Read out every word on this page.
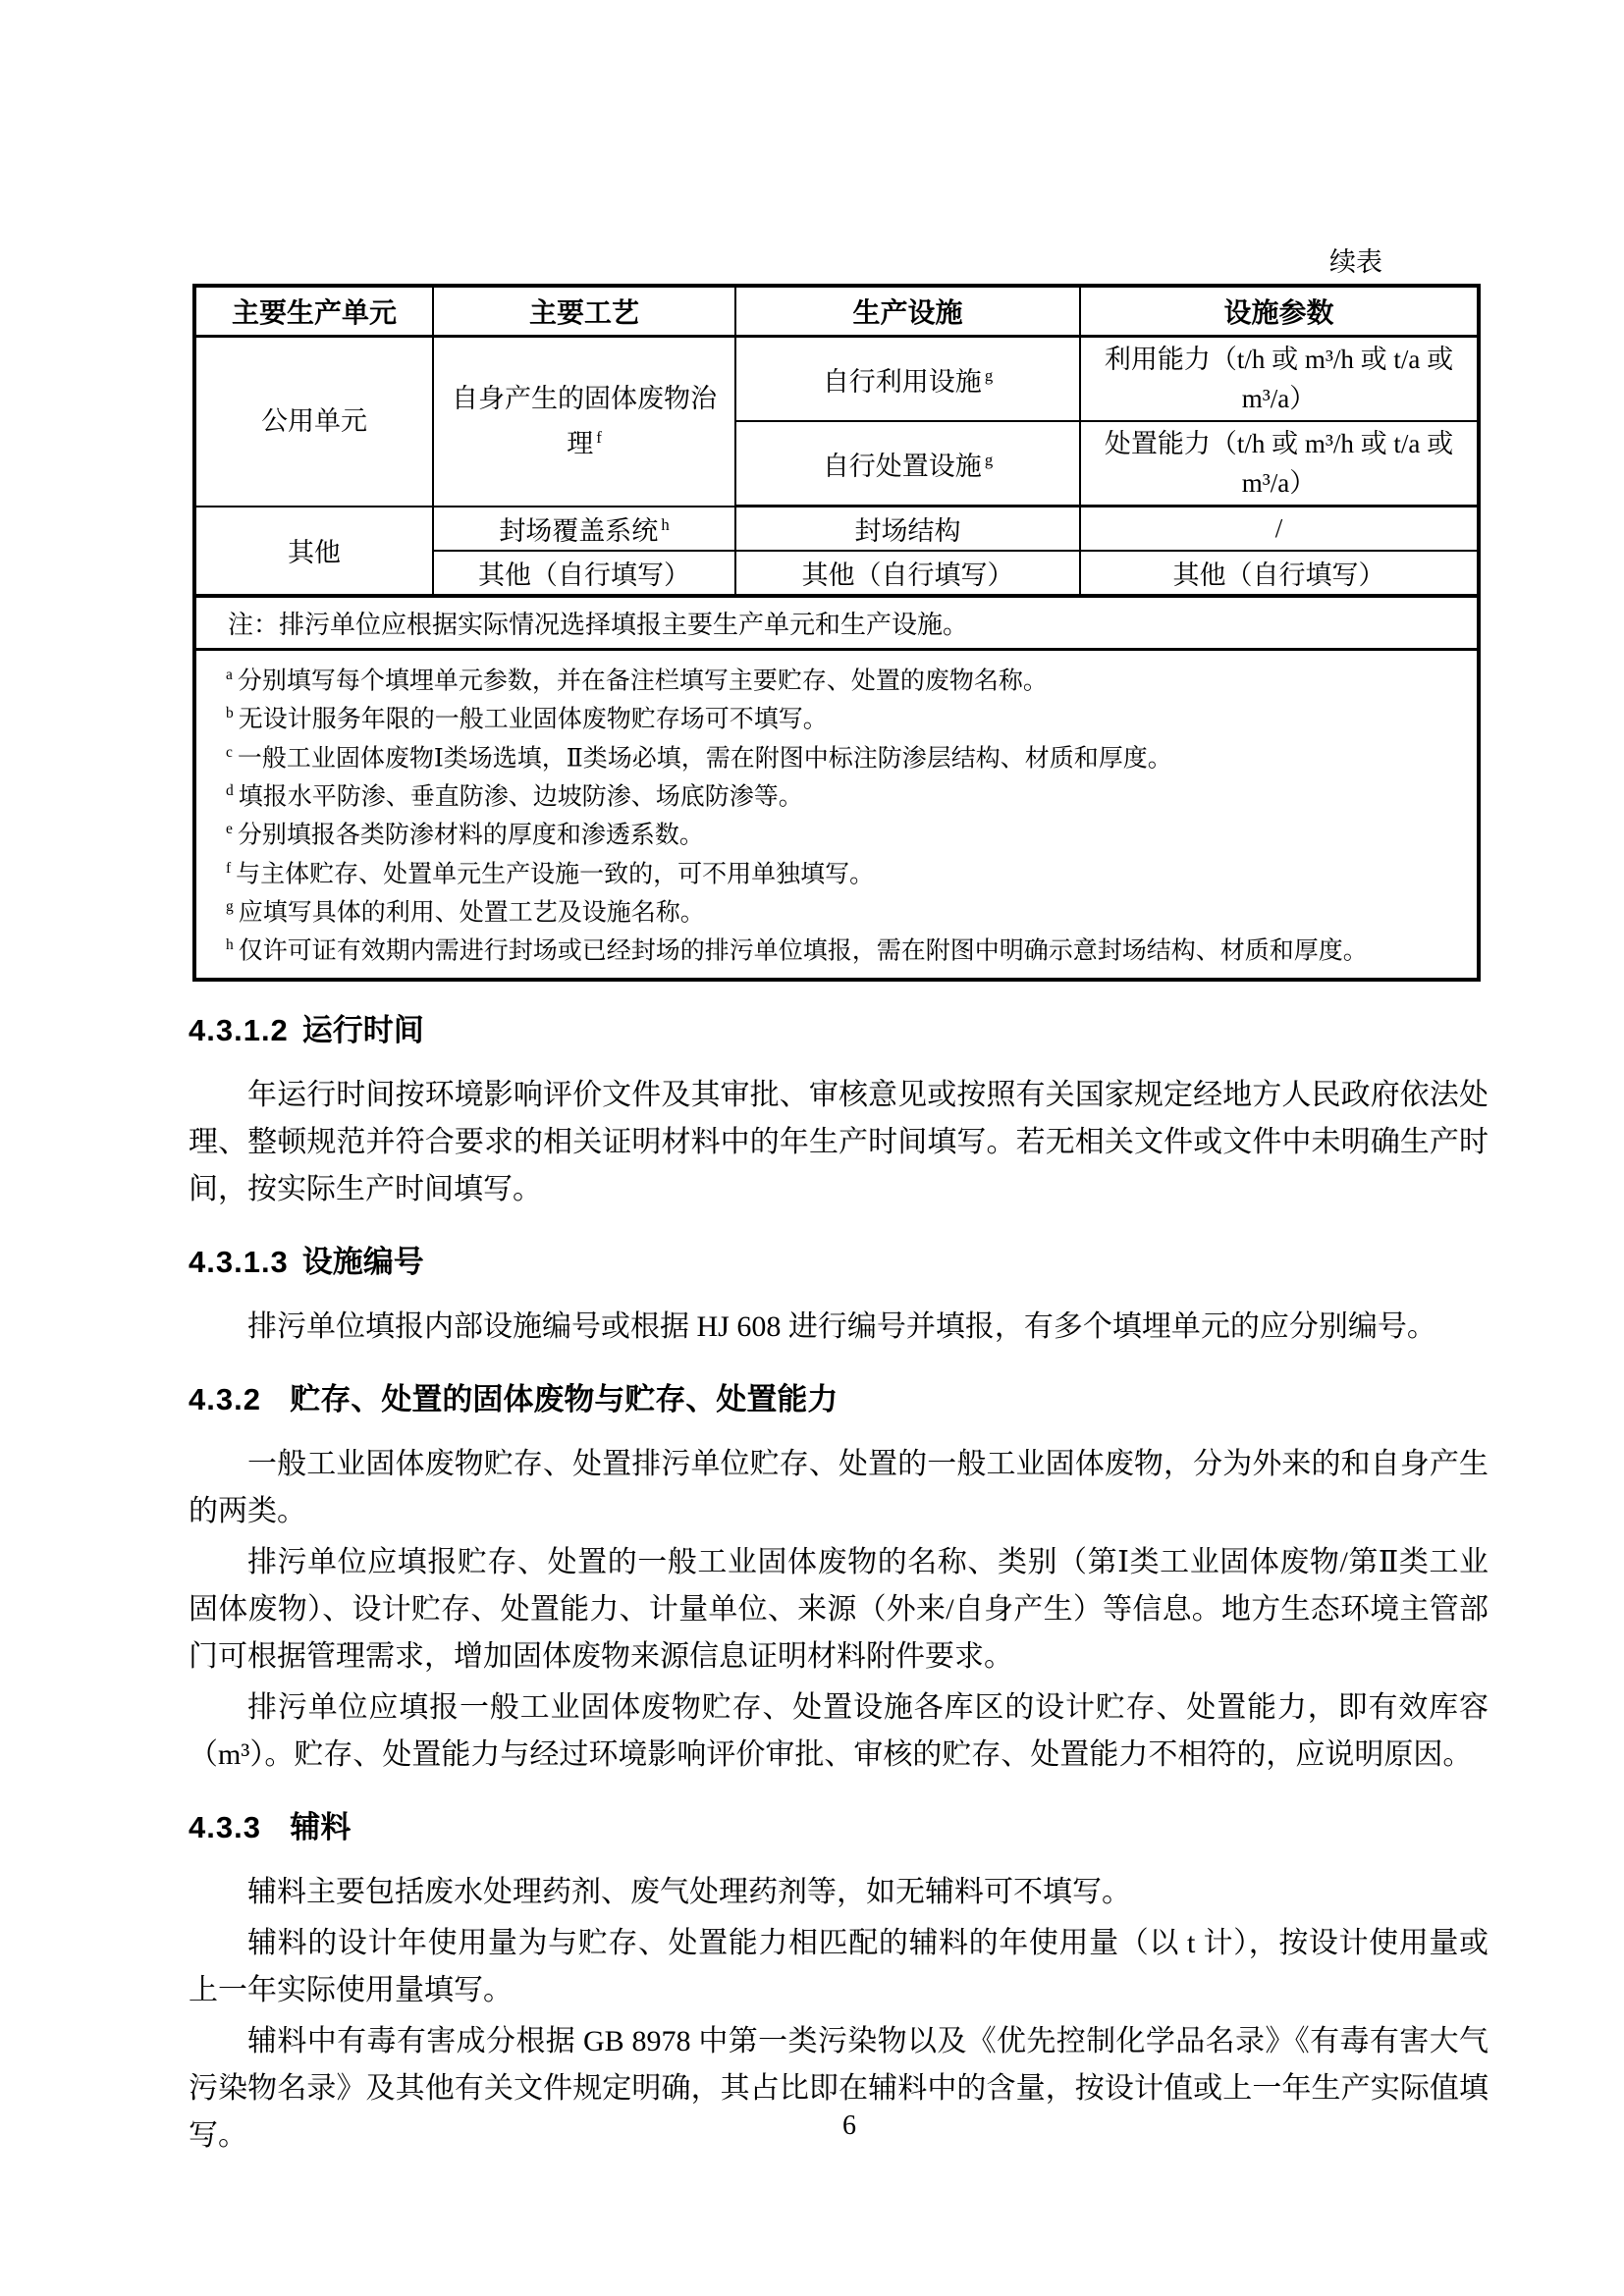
续表
主要生产单元	主要工艺	生产设施	设施参数
公用单元	自身产生的固体废物治理 $^f$	自行利用设施 $^g$	利用能力（t/h 或 m³/h 或 t/a 或 m³/a）
		自行处置设施 $^g$	处置能力（t/h 或 m³/h 或 t/a 或 m³/a）
其他	封场覆盖系统 $^h$	封场结构	/
	其他（自行填写）	其他（自行填写）	其他（自行填写）
注：排污单位应根据实际情况选择填报主要生产单元和生产设施。			

$^a$ 分别填写每个填埋单元参数，并在备注栏填写主要贮存、处置的废物名称。
$^b$ 无设计服务年限的一般工业固体废物贮存场可不填写。
$^c$ 一般工业固体废物Ⅰ类场选填，Ⅱ类场必填，需在附图中标注防渗层结构、材质和厚度。
$^d$ 填报水平防渗、垂直防渗、边坡防渗、场底防渗等。
$^e$ 分别填报各类防渗材料的厚度和渗透系数。
$^f$ 与主体贮存、处置单元生产设施一致的，可不用单独填写。
$^g$ 应填写具体的利用、处置工艺及设施名称。
$^h$ 仅许可证有效期内需进行封场或已经封场的排污单位填报，需在附图中明确示意封场结构、材质和厚度。
4.3.1.2 运行时间

年运行时间按环境影响评价文件及其审批、审核意见或按照有关国家规定经地方人民政府依法处理、整顿规范并符合要求的相关证明材料中的年生产时间填写。若无相关文件或文件中未明确生产时间，按实际生产时间填写。

4.3.1.3 设施编号

排污单位填报内部设施编号或根据 HJ 608 进行编号并填报，有多个填埋单元的应分别编号。

4.3.2 贮存、处置的固体废物与贮存、处置能力

一般工业固体废物贮存、处置排污单位贮存、处置的一般工业固体废物，分为外来的和自身产生的两类。

排污单位应填报贮存、处置的一般工业固体废物的名称、类别（第Ⅰ类工业固体废物/第Ⅱ类工业固体废物）、设计贮存、处置能力、计量单位、来源（外来/自身产生）等信息。地方生态环境主管部门可根据管理需求，增加固体废物来源信息证明材料附件要求。

排污单位应填报一般工业固体废物贮存、处置设施各库区的设计贮存、处置能力，即有效库容（m³）。贮存、处置能力与经过环境影响评价审批、审核的贮存、处置能力不相符的，应说明原因。

4.3.3 辅料

辅料主要包括废水处理药剂、废气处理药剂等，如无辅料可不填写。

辅料的设计年使用量为与贮存、处置能力相匹配的辅料的年使用量（以 t 计），按设计使用量或上一年实际使用量填写。

辅料中有毒有害成分根据 GB 8978 中第一类污染物以及《优先控制化学品名录》《有毒有害大气污染物名录》及其他有关文件规定明确，其占比即在辅料中的含量，按设计值或上一年生产实际值填写。	6
